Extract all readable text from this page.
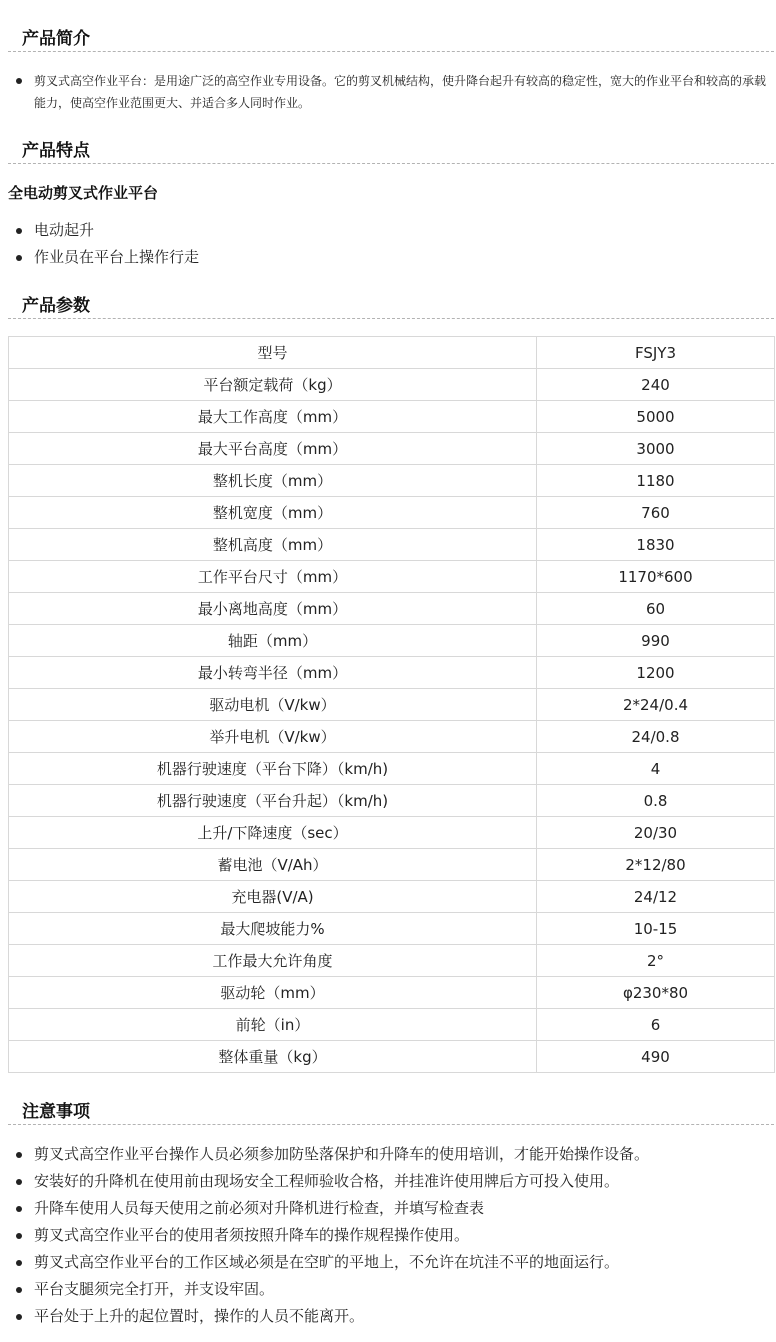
产品简介
剪叉式高空作业平台：是用途广泛的高空作业专用设备。它的剪叉机械结构，使升降台起升有较高的稳定性，宽大的作业平台和较高的承载能力，使高空作业范围更大、并适合多人同时作业。
产品特点
全电动剪叉式作业平台
电动起升
作业员在平台上操作行走
产品参数
型号	FSJY3
平台额定载荷（kg）	240
最大工作高度（mm）	5000
最大平台高度（mm）	3000
整机长度（mm）	1180
整机宽度（mm）	760
整机高度（mm）	1830
工作平台尺寸（mm）	1170*600
最小离地高度（mm）	60
轴距（mm）	990
最小转弯半径（mm）	1200
驱动电机（V/kw）	2*24/0.4
举升电机（V/kw）	24/0.8
机器行驶速度（平台下降）（km/h)	4
机器行驶速度（平台升起）（km/h)	0.8
上升/下降速度（sec）	20/30
蓄电池（V/Ah）	2*12/80
充电器(V/A)	24/12
最大爬坡能力%	10-15
工作最大允许角度	2°
驱动轮（mm）	φ230*80
前轮（in）	6
整体重量（kg）	490
注意事项
剪叉式高空作业平台操作人员必须参加防坠落保护和升降车的使用培训，才能开始操作设备。
安装好的升降机在使用前由现场安全工程师验收合格，并挂准许使用牌后方可投入使用。
升降车使用人员每天使用之前必须对升降机进行检查，并填写检查表
剪叉式高空作业平台的使用者须按照升降车的操作规程操作使用。
剪叉式高空作业平台的工作区域必须是在空旷的平地上，不允许在坑洼不平的地面运行。
平台支腿须完全打开，并支设牢固。
平台处于上升的起位置时，操作的人员不能离开。
